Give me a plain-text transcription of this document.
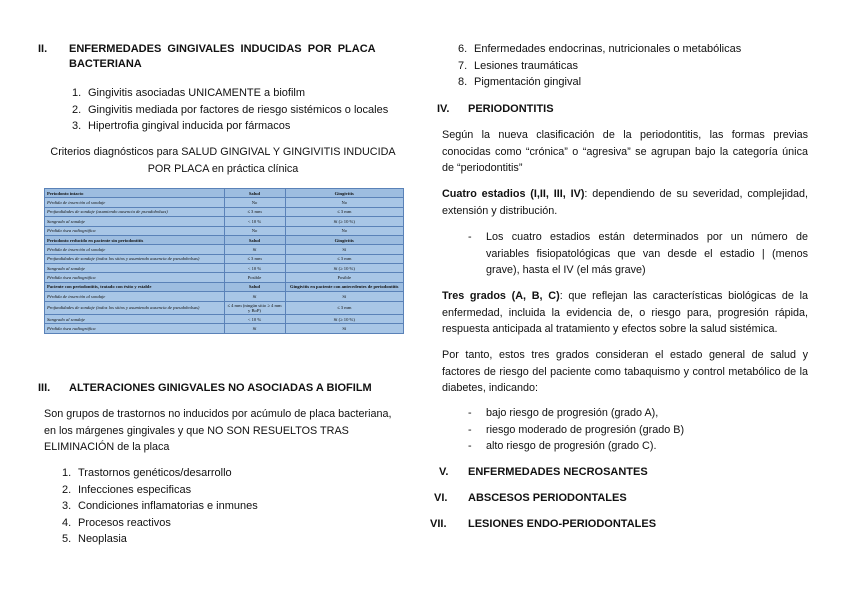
II. ENFERMEDADES  GINGIVALES  INDUCIDAS  POR  PLACA
BACTERIANA
1. Gingivitis asociadas UNICAMENTE a biofilm
2. Gingivitis mediada por factores de riesgo sistémicos o locales
3. Hipertrofia gingival inducida por fármacos
Criterios diagnósticos para SALUD GINGIVAL Y GINGIVITIS INDUCIDA
POR PLACA en práctica clínica
Periodonto intacto	Salud	Gingivitis
Pérdida de inserción al sondaje	No	No
Profundidades de sondaje (asumiendo ausencia de pseudobolsas)	≤ 3 mm	≤ 3 mm
Sangrado al sondaje	< 10 %	Sí (≥ 10 %)
Pérdida ósea radiográfica	No	No
Periodonto reducido en paciente sin periodontitis	Salud	Gingivitis
Pérdida de inserción al sondaje	Sí	Sí
Profundidades de sondaje (todos los sitios y asumiendo ausencia de pseudobolsas)	≤ 3 mm	≤ 3 mm
Sangrado al sondaje	< 10 %	Sí (≥ 10 %)
Pérdida ósea radiográfica	Posible	Posible
Paciente con periodontitis, tratado con éxito y estable	Salud	Gingivitis en paciente con antecedentes de periodontitis
Pérdida de inserción al sondaje	Sí	Sí
Profundidades de sondaje (todos los sitios y asumiendo ausencia de pseudobolsas)	≤ 4 mm (ningún sitio ≥ 4 mm y BoP)	≤ 3 mm
Sangrado al sondaje	< 10 %	Sí (≥ 10 %)
Pérdida ósea radiográfica	Sí	Sí
III. ALTERACIONES GINIGVALES NO ASOCIADAS A BIOFILM
Son grupos de trastornos no inducidos por acúmulo de placa bacteriana,
en los márgenes gingivales y que NO SON RESUELTOS TRAS
ELIMINACIÓN de la placa
1. Trastornos genéticos/desarrollo
2. Infecciones especificas
3. Condiciones inflamatorias e inmunes
4. Procesos reactivos
5. Neoplasia
6. Enfermedades endocrinas, nutricionales o metabólicas
7. Lesiones traumáticas
8. Pigmentación gingival
IV. PERIODONTITIS
Según la nueva clasificación de la periodontitis, las formas previas conocidas como “crónica” o “agresiva” se agrupan bajo la categoría única de “periodontitis”
Cuatro estadios (I,II, III, IV): dependiendo de su severidad, complejidad, extensión y distribución.
- Los cuatro estadios están determinados por un número de variables fisiopatológicas que van desde el estadio | (menos grave), hasta el IV (el más grave)
Tres grados (A, B, C): que reflejan las características biológicas de la enfermedad, incluida la evidencia de, o riesgo para, progresión rápida, respuesta anticipada al tratamiento y efectos sobre la salud sistémica.
Por tanto, estos tres grados consideran el estado general de salud y factores de riesgo del paciente como tabaquismo y control metabólico de la diabetes, indicando:
- bajo riesgo de progresión (grado A),
- riesgo moderado de progresión (grado B)
- alto riesgo de progresión (grado C).
V. ENFERMEDADES NECROSANTES
VI. ABSCESOS PERIODONTALES
VII. LESIONES ENDO-PERIODONTALES
